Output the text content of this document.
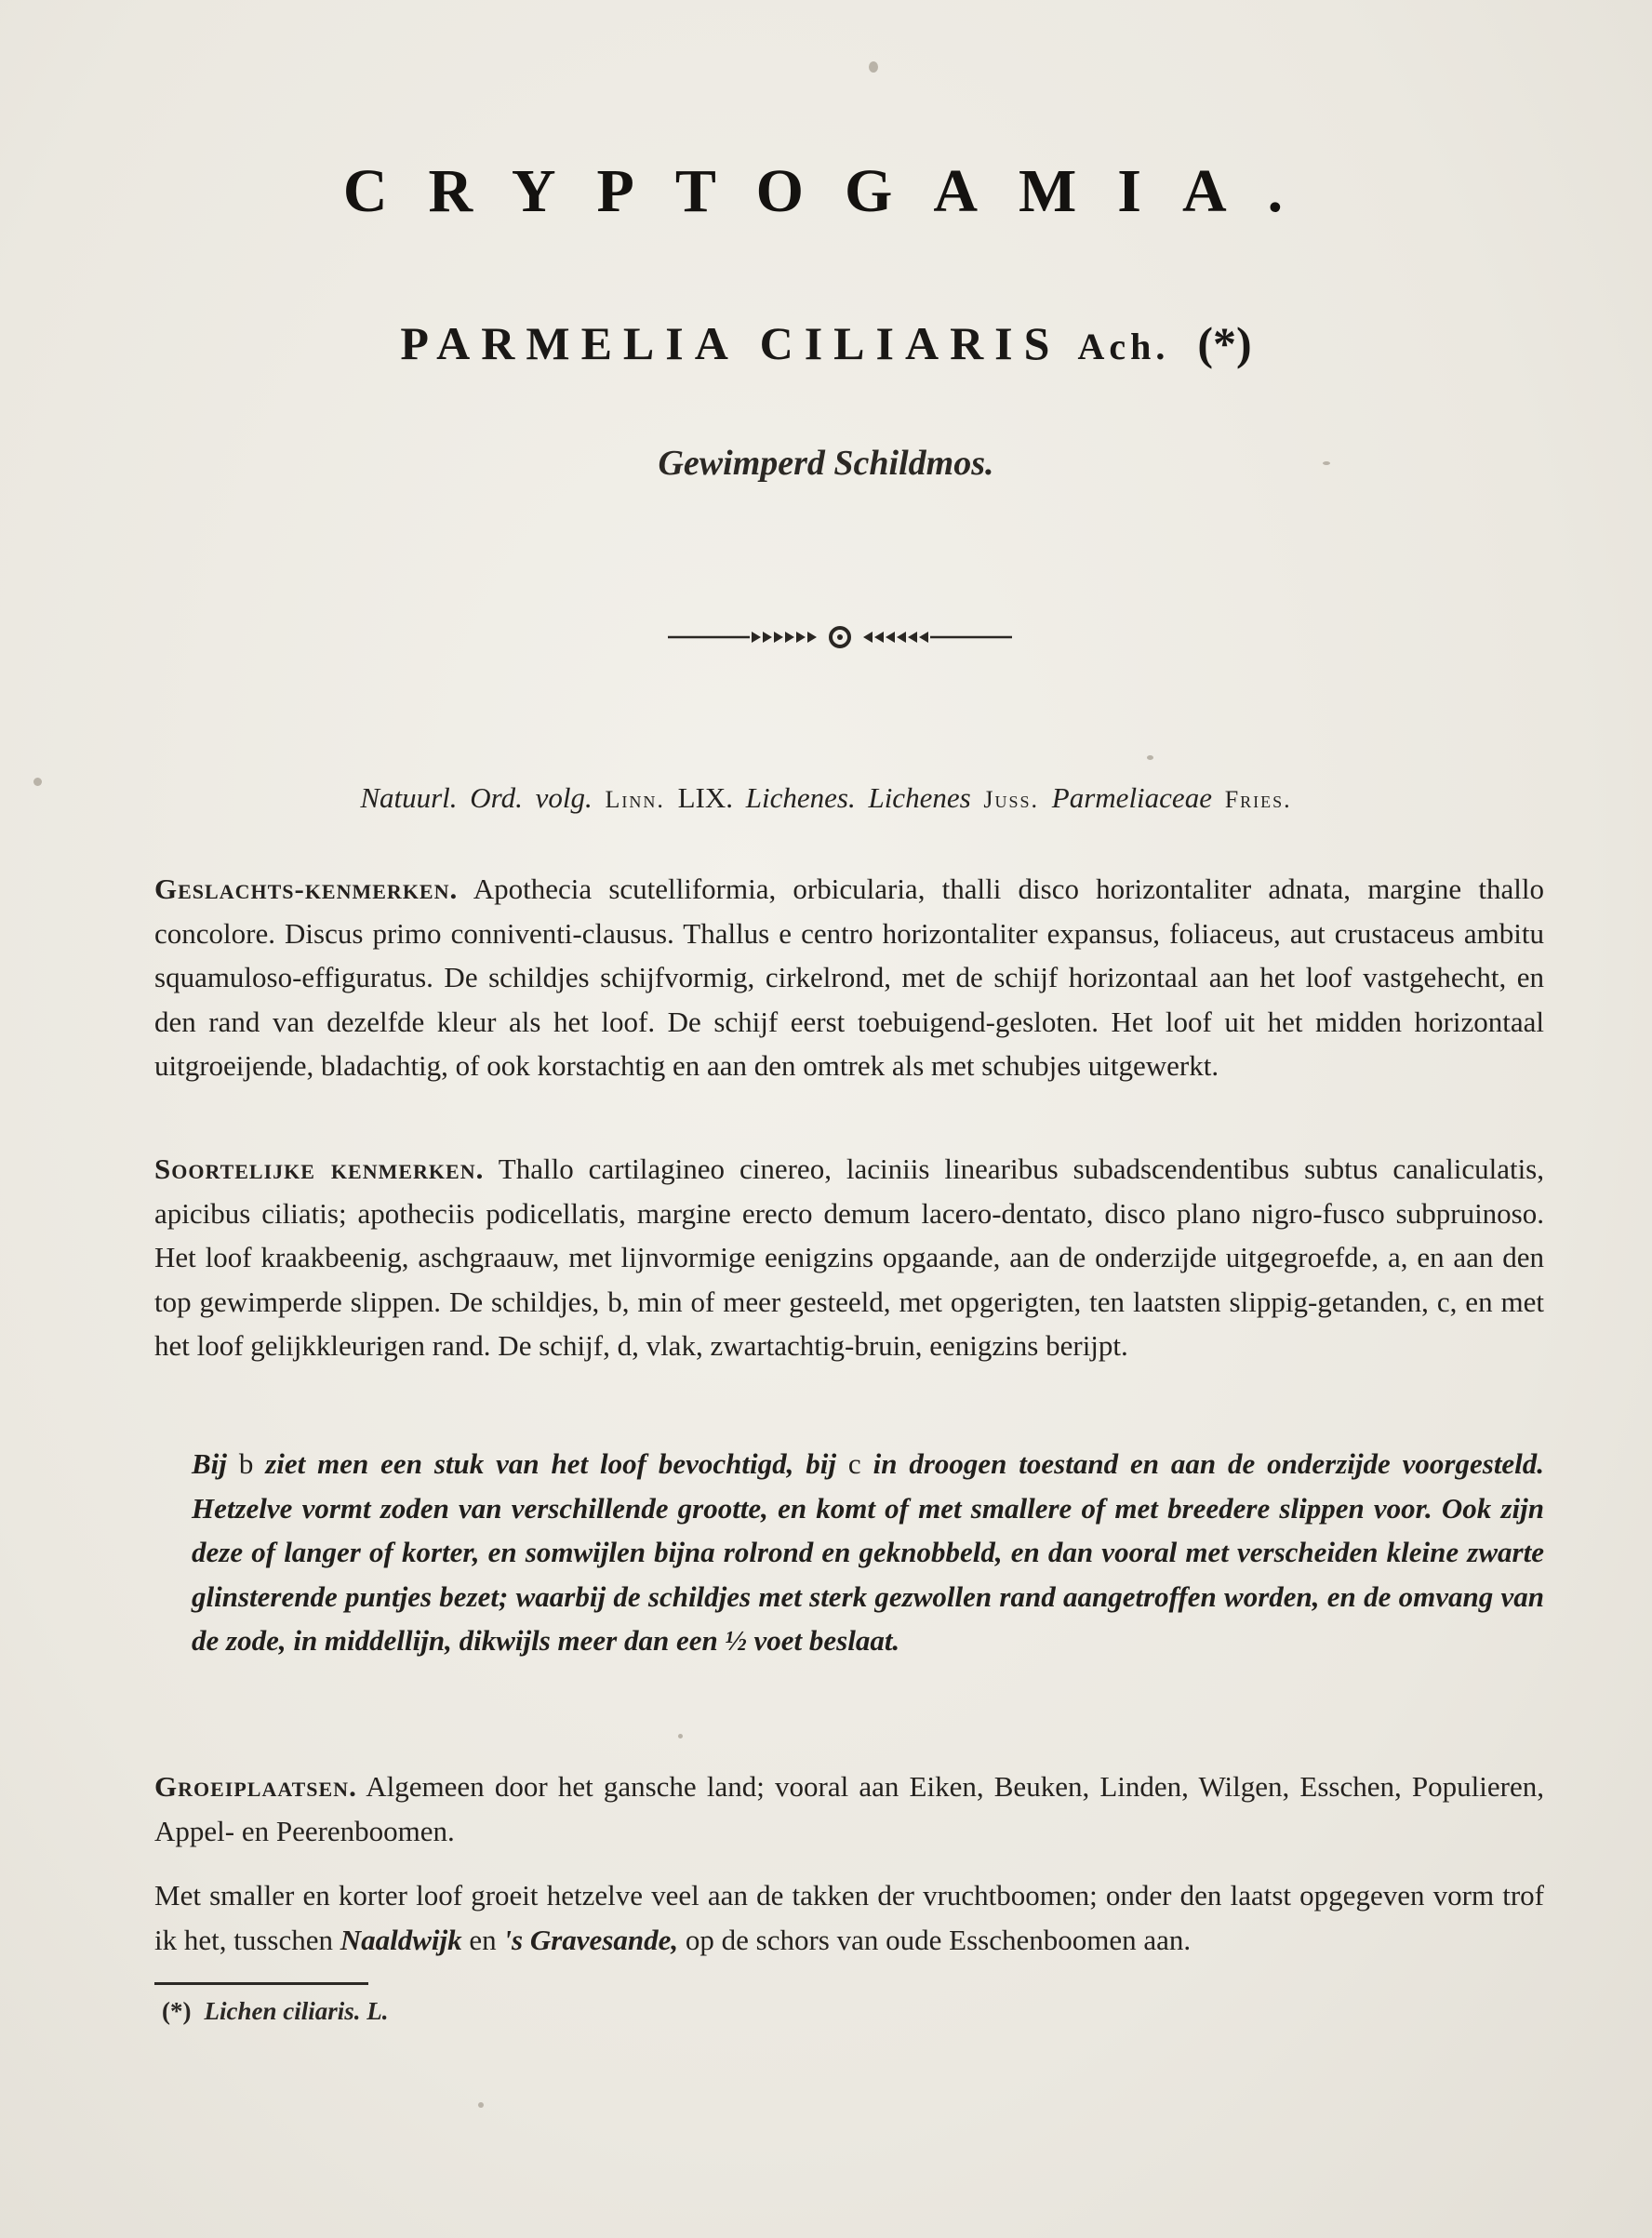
CRYPTOGAMIA.
PARMELIA CILIARIS Ach. (*)
Gewimperd Schildmos.
Natuurl. Ord. volg. Linn. LIX. Lichenes. Lichenes Juss. Parmeliaceae Fries.
Geslachts-kenmerken. Apothecia scutelliformia, orbicularia, thalli disco horizontaliter adnata, margine thallo concolore. Discus primo conniventi-clausus. Thallus e centro horizontaliter expansus, foliaceus, aut crustaceus ambitu squamuloso-effiguratus. De schildjes schijfvormig, cirkelrond, met de schijf horizontaal aan het loof vastgehecht, en den rand van dezelfde kleur als het loof. De schijf eerst toebuigend-gesloten. Het loof uit het midden horizontaal uitgroeijende, bladachtig, of ook korstachtig en aan den omtrek als met schubjes uitgewerkt.
Soortelijke kenmerken. Thallo cartilagineo cinereo, laciniis linearibus subadscendentibus subtus canaliculatis, apicibus ciliatis; apotheciis podicellatis, margine erecto demum lacero-dentato, disco plano nigro-fusco subpruinoso. Het loof kraakbeenig, aschgraauw, met lijnvormige eenigzins opgaande, aan de onderzijde uitgegroefde, a, en aan den top gewimperde slippen. De schildjes, b, min of meer gesteeld, met opgerigten, ten laatsten slippig-getanden, c, en met het loof gelijkkleurigen rand. De schijf, d, vlak, zwartachtig-bruin, eenigzins berijpt.
Bij b ziet men een stuk van het loof bevochtigd, bij c in droogen toestand en aan de onderzijde voorgesteld. Hetzelve vormt zoden van verschillende grootte, en komt of met smallere of met breedere slippen voor. Ook zijn deze of langer of korter, en somwijlen bijna rolrond en geknobbeld, en dan vooral met verscheiden kleine zwarte glinsterende puntjes bezet; waarbij de schildjes met sterk gezwollen rand aangetroffen worden, en de omvang van de zode, in middellijn, dikwijls meer dan een ½ voet beslaat.
Groeiplaatsen. Algemeen door het gansche land; vooral aan Eiken, Beuken, Linden, Wilgen, Esschen, Populieren, Appel- en Peerenboomen.
Met smaller en korter loof groeit hetzelve veel aan de takken der vruchtboomen; onder den laatst opgegeven vorm trof ik het, tusschen Naaldwijk en 's Gravesande, op de schors van oude Esschenboomen aan.
(*) Lichen ciliaris. L.
